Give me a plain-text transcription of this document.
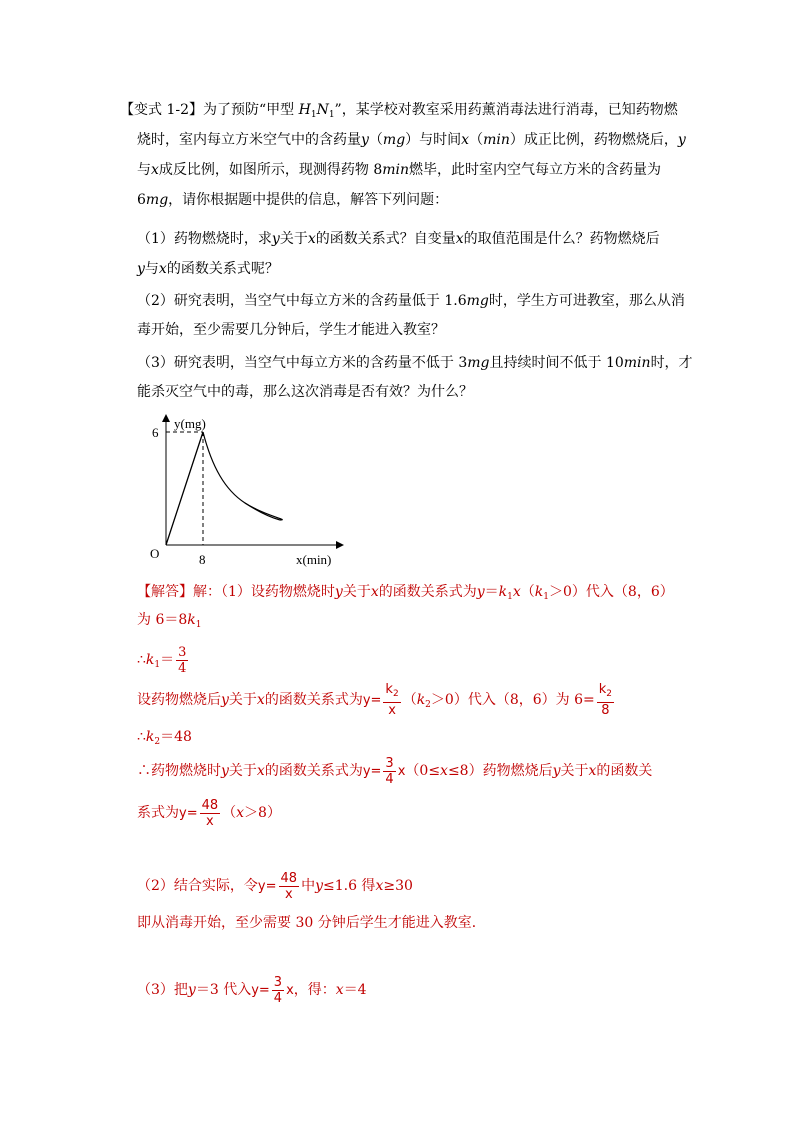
【变式 1-2】为了预防“甲型 $H_1N_1$”，某学校对教室采用药薰消毒法进行消毒，已知药物燃
烧时，室内每立方米空气中的含药量y（mg）与时间x（min）成正比例，药物燃烧后，y
与x成反比例，如图所示，现测得药物 8min燃毕，此时室内空气每立方米的含药量为
6mg，请你根据题中提供的信息，解答下列问题：
（1）药物燃烧时，求y关于x的函数关系式？自变量x的取值范围是什么？药物燃烧后
y与x的函数关系式呢？
（2）研究表明，当空气中每立方米的含药量低于 1.6mg时，学生方可进教室，那么从消
毒开始，至少需要几分钟后，学生才能进入教室？
（3）研究表明，当空气中每立方米的含药量不低于 3mg且持续时间不低于 10min时，才
能杀灭空气中的毒，那么这次消毒是否有效？为什么？
y(mg)
x(min)
O
6
8
【解答】解：（1）设药物燃烧时y关于x的函数关系式为$y=k_1x(k_1>0)$代入（8，6）
为 $6=8k_1$
$\therefore k_1= \frac{3}{4}$
设药物燃烧后y关于x的函数关系式为$y= \frac{k_2}{x} (k_2>0)$代入（8，6）为 $6= \frac{k_2}{8}$
$\therefore k_2=48$
∴药物燃烧时y关于x的函数关系式为$y= \frac{3}{4} x(0\le x\le 8)$药物燃烧后y关于x的函数关
系式为$y= \frac{48}{x} (x>8)$
（2）结合实际，令$y= \frac{48}{x}$ 中y≤1.6 得x≥30
即从消毒开始，至少需要 30 分钟后学生才能进入教室．
（3）把y＝3 代入$y= \frac{3}{4}$ x，得：x＝4
